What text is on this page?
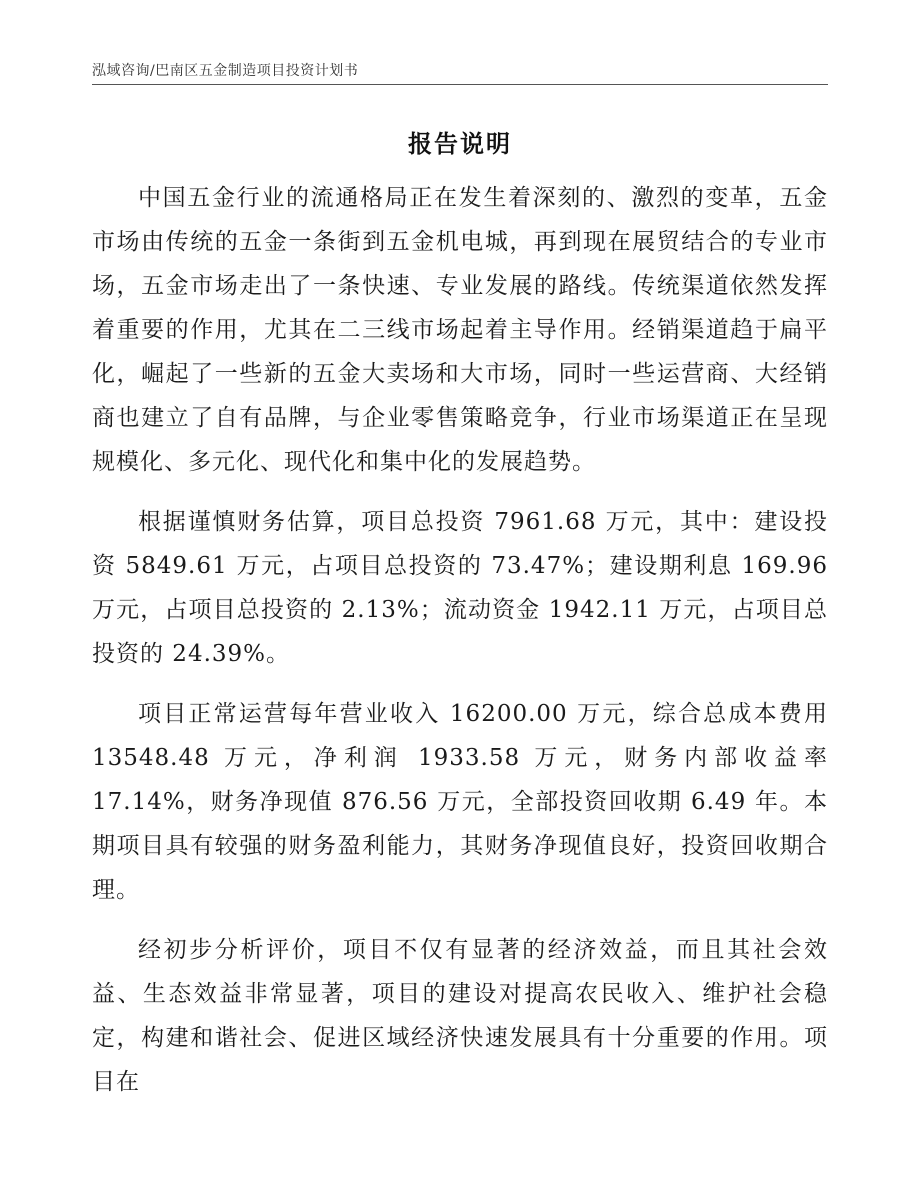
泓域咨询/巴南区五金制造项目投资计划书
报告说明

中国五金行业的流通格局正在发生着深刻的、激烈的变革，五金市场由传统的五金一条街到五金机电城，再到现在展贸结合的专业市场，五金市场走出了一条快速、专业发展的路线。传统渠道依然发挥着重要的作用，尤其在二三线市场起着主导作用。经销渠道趋于扁平化，崛起了一些新的五金大卖场和大市场，同时一些运营商、大经销商也建立了自有品牌，与企业零售策略竞争，行业市场渠道正在呈现规模化、多元化、现代化和集中化的发展趋势。

根据谨慎财务估算，项目总投资 7961.68 万元，其中：建设投资 5849.61 万元，占项目总投资的 73.47%；建设期利息 169.96 万元，占项目总投资的 2.13%；流动资金 1942.11 万元，占项目总投资的 24.39%。

项目正常运营每年营业收入 16200.00 万元，综合总成本费用 13548.48 万元，净利润 1933.58 万元，财务内部收益率 17.14%，财务净现值 876.56 万元，全部投资回收期 6.49 年。本期项目具有较强的财务盈利能力，其财务净现值良好，投资回收期合理。

经初步分析评价，项目不仅有显著的经济效益，而且其社会效益、生态效益非常显著，项目的建设对提高农民收入、维护社会稳定，构建和谐社会、促进区域经济快速发展具有十分重要的作用。项目在
